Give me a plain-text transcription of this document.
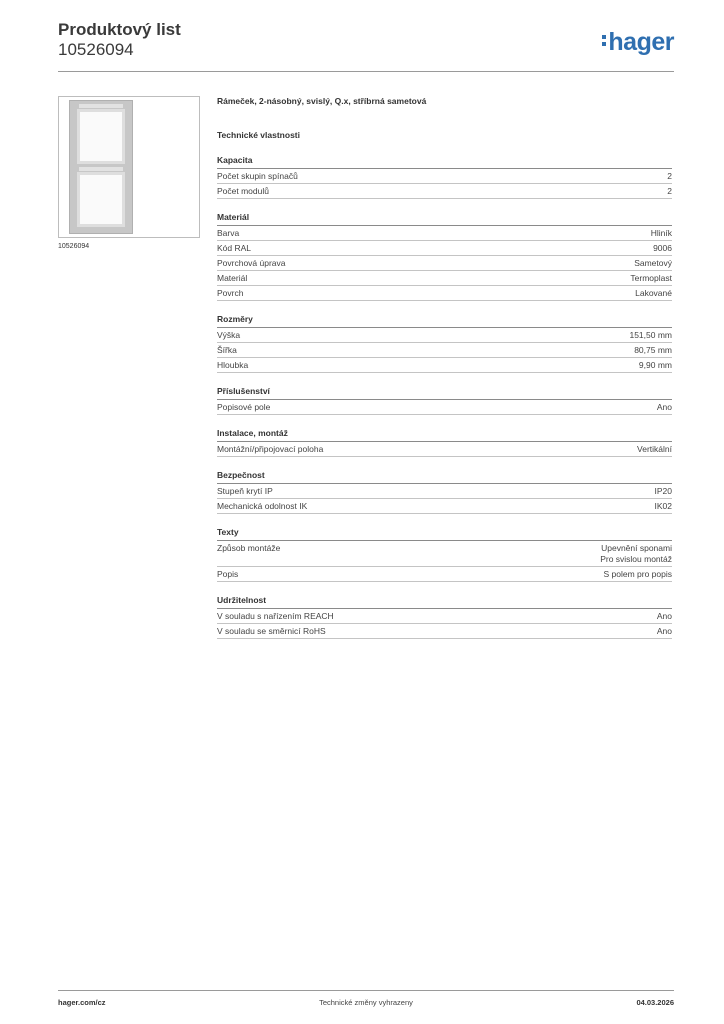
Produktový list
10526094	hager
10526094
Rámeček, 2-násobný, svislý, Q.x, stříbrná sametová
Technické vlastnosti
Kapacita
Počet skupin spínačů	2
Počet modulů	2
Materiál
Barva	Hliník
Kód RAL	9006
Povrchová úprava	Sametový
Materiál	Termoplast
Povrch	Lakované
Rozměry
Výška	151,50 mm
Šířka	80,75 mm
Hloubka	9,90 mm
Příslušenství
Popisové pole	Ano
Instalace, montáž
Montážní/připojovací poloha	Vertikální
Bezpečnost
Stupeň krytí IP	IP20
Mechanická odolnost IK	IK02
Texty
Způsob montáže	Upevnění sponami
Pro svislou montáž
Popis	S polem pro popis
Udržitelnost
V souladu s nařízením REACH	Ano
V souladu se směrnicí RoHS	Ano
hager.com/cz	Technické změny vyhrazeny	04.03.2026
